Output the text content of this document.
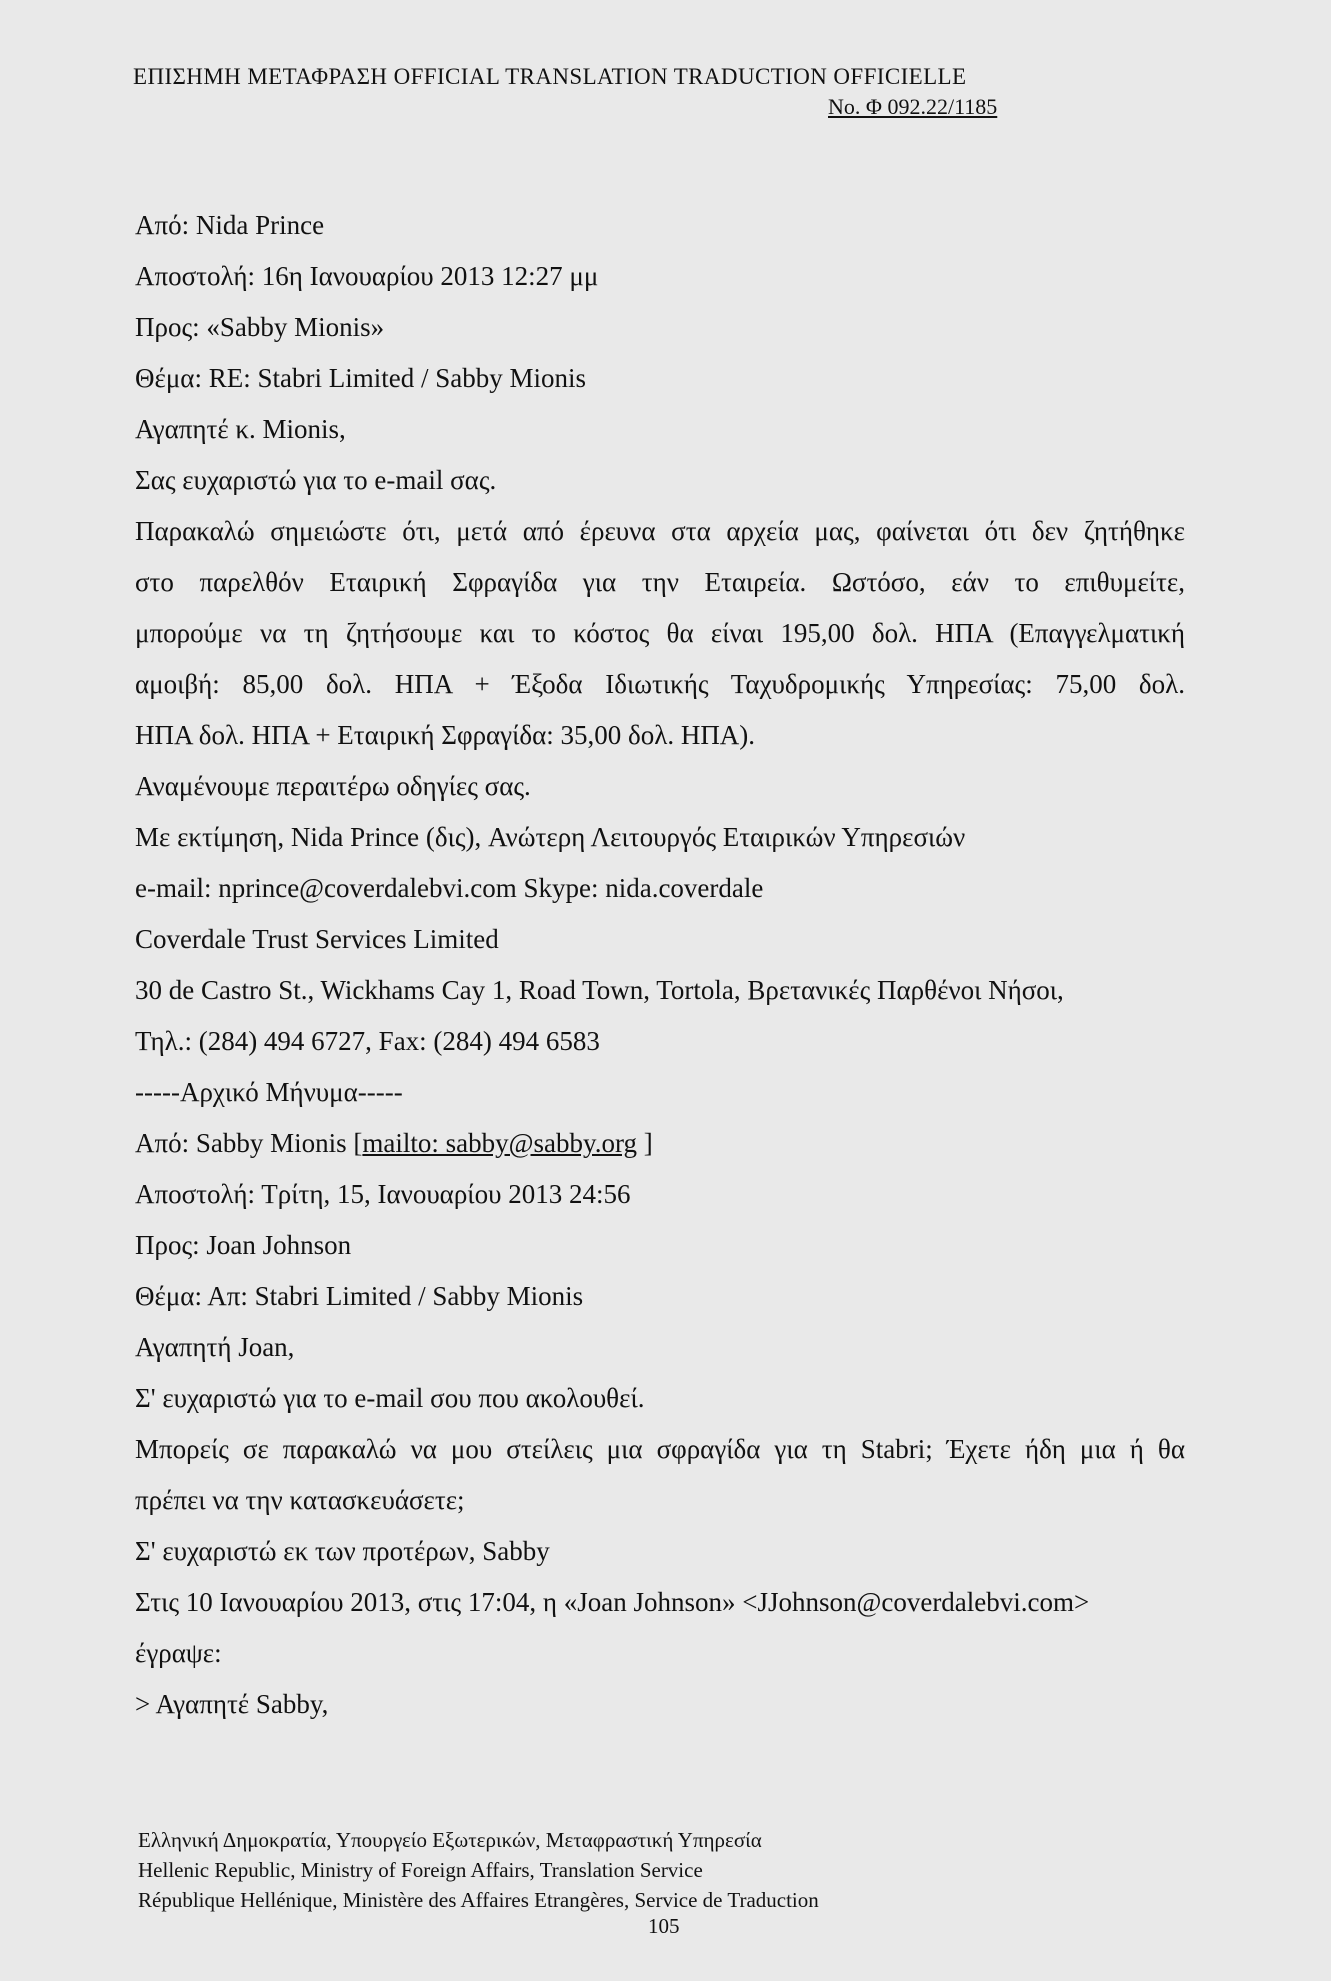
ΕΠΙΣΗΜΗ ΜΕΤΑΦΡΑΣΗ OFFICIAL TRANSLATION TRADUCTION OFFICIELLE
No. Φ 092.22/1185
Από: Nida Prince
Αποστολή: 16η Ιανουαρίου 2013 12:27 μμ
Προς: «Sabby Mionis»
Θέμα: RE: Stabri Limited / Sabby Mionis
Αγαπητέ κ. Mionis,
Σας ευχαριστώ για το e-mail σας.
Παρακαλώ σημειώστε ότι, μετά από έρευνα στα αρχεία μας, φαίνεται ότι δεν ζητήθηκε
στο παρελθόν Εταιρική Σφραγίδα για την Εταιρεία. Ωστόσο, εάν το επιθυμείτε,
μπορούμε να τη ζητήσουμε και το κόστος θα είναι 195,00 δολ. ΗΠΑ (Επαγγελματική
αμοιβή: 85,00 δολ. ΗΠΑ + Έξοδα Ιδιωτικής Ταχυδρομικής Υπηρεσίας: 75,00 δολ.
ΗΠΑ δολ. ΗΠΑ + Εταιρική Σφραγίδα: 35,00 δολ. ΗΠΑ).
Αναμένουμε περαιτέρω οδηγίες σας.
Με εκτίμηση, Nida Prince (δις), Ανώτερη Λειτουργός Εταιρικών Υπηρεσιών
e-mail: nprince@coverdalebvi.com Skype: nida.coverdale
Coverdale Trust Services Limited
30 de Castro St., Wickhams Cay 1, Road Town, Tortola, Βρετανικές Παρθένοι Νήσοι,
Τηλ.: (284) 494 6727, Fax: (284) 494 6583
-----Αρχικό Μήνυμα-----
Από: Sabby Mionis [mailto: sabby@sabby.org ]
Αποστολή: Τρίτη, 15, Ιανουαρίου 2013 24:56
Προς: Joan Johnson
Θέμα: Απ: Stabri Limited / Sabby Mionis
Αγαπητή Joan,
Σ' ευχαριστώ για το e-mail σου που ακολουθεί.
Μπορείς σε παρακαλώ να μου στείλεις μια σφραγίδα για τη Stabri; Έχετε ήδη μια ή θα
πρέπει να την κατασκευάσετε;
Σ' ευχαριστώ εκ των προτέρων, Sabby
Στις 10 Ιανουαρίου 2013, στις 17:04, η «Joan Johnson» <JJohnson@coverdalebvi.com>
έγραψε:
> Αγαπητέ Sabby,
Ελληνική Δημοκρατία, Υπουργείο Εξωτερικών, Μεταφραστική Υπηρεσία
Hellenic Republic, Ministry of Foreign Affairs, Translation Service
République Hellénique, Ministère des Affaires Etrangères, Service de Traduction
105
